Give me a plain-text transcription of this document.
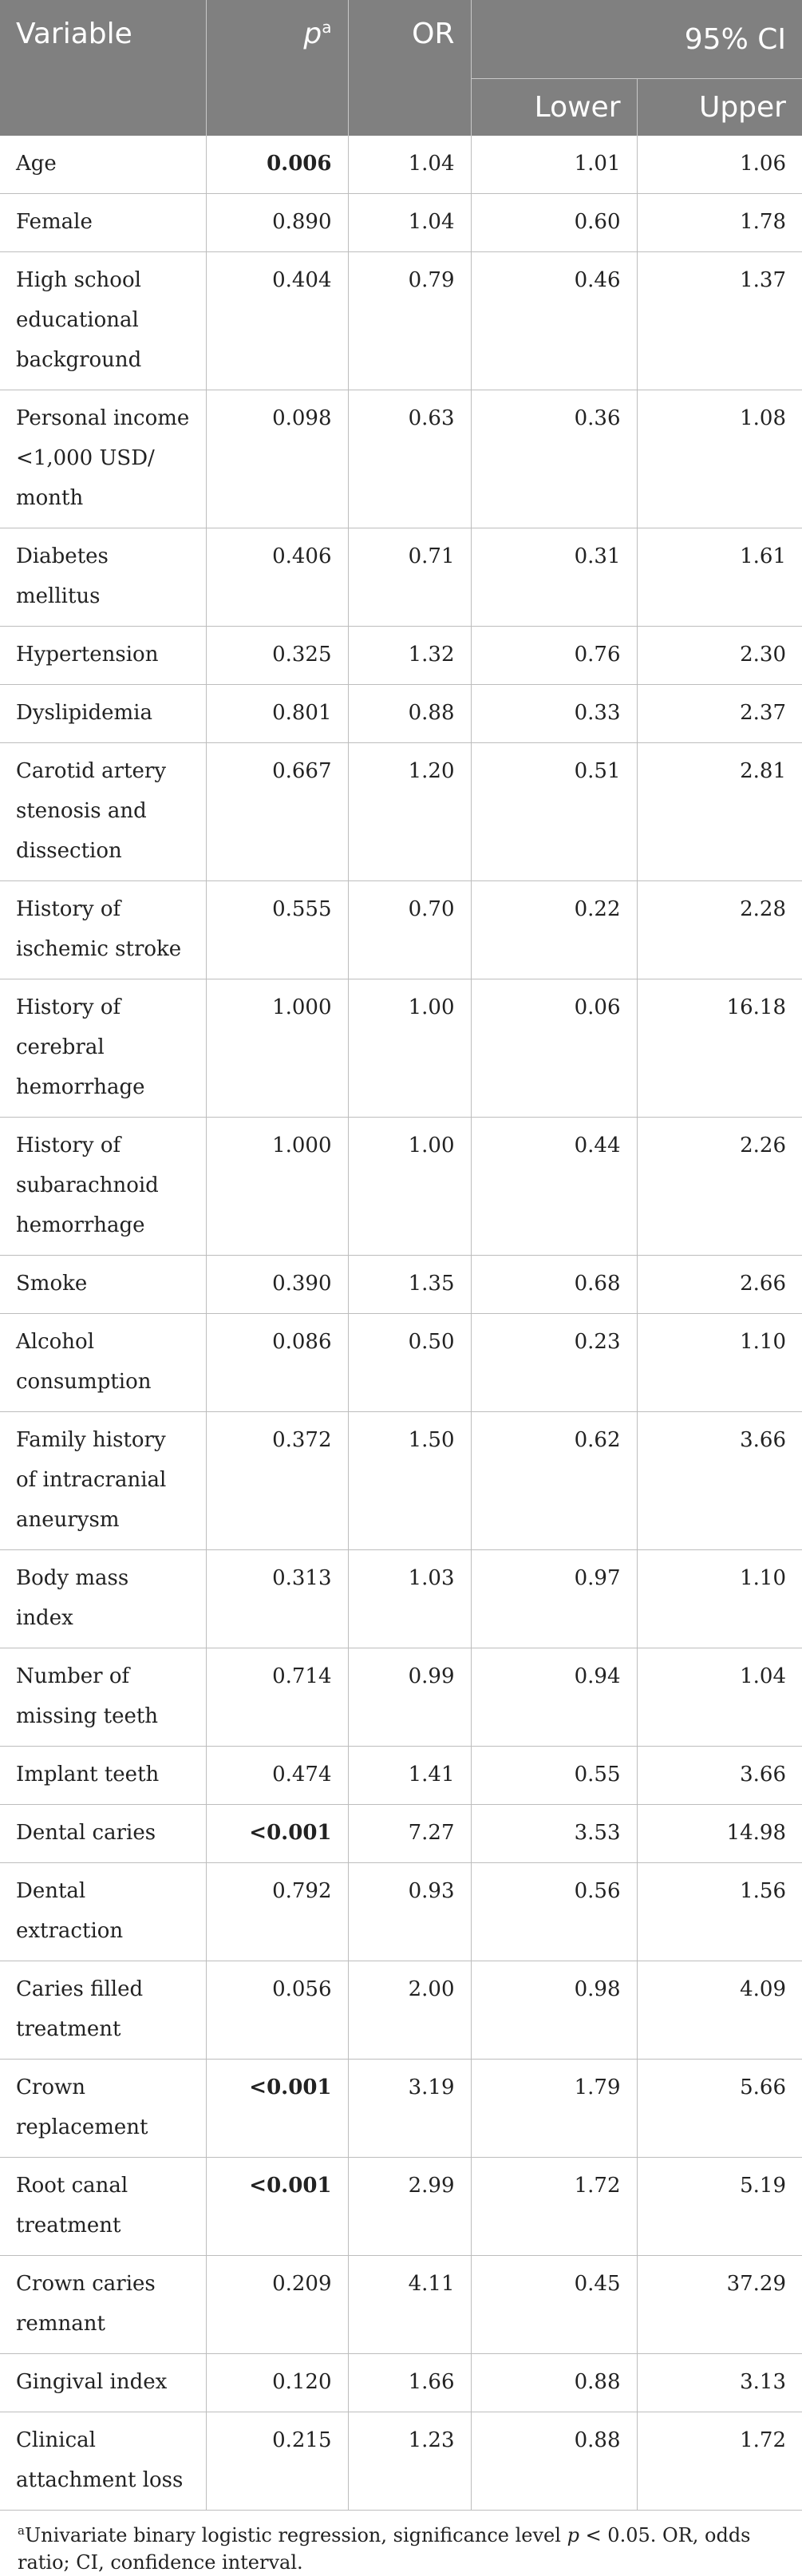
Variable	$p^a$	OR	95% CI	
			Lower	Upper
Age	0.006	1.04	1.01	1.06
Female	0.890	1.04	0.60	1.78
High school educational background	0.404	0.79	0.46	1.37
Personal income <1,000 USD/ month	0.098	0.63	0.36	1.08
Diabetes mellitus	0.406	0.71	0.31	1.61
Hypertension	0.325	1.32	0.76	2.30
Dyslipidemia	0.801	0.88	0.33	2.37
Carotid artery stenosis and dissection	0.667	1.20	0.51	2.81
History of ischemic stroke	0.555	0.70	0.22	2.28
History of cerebral hemorrhage	1.000	1.00	0.06	16.18
History of subarachnoid hemorrhage	1.000	1.00	0.44	2.26
Smoke	0.390	1.35	0.68	2.66
Alcohol consumption	0.086	0.50	0.23	1.10
Family history of intracranial aneurysm	0.372	1.50	0.62	3.66
Body mass index	0.313	1.03	0.97	1.10
Number of missing teeth	0.714	0.99	0.94	1.04
Implant teeth	0.474	1.41	0.55	3.66
Dental caries	<0.001	7.27	3.53	14.98
Dental extraction	0.792	0.93	0.56	1.56
Caries filled treatment	0.056	2.00	0.98	4.09
Crown replacement	<0.001	3.19	1.79	5.66
Root canal treatment	<0.001	2.99	1.72	5.19
Crown caries remnant	0.209	4.11	0.45	37.29
Gingival index	0.120	1.66	0.88	3.13
Clinical attachment loss	0.215	1.23	0.88	1.72
$^a$Univariate binary logistic regression, significance level p < 0.05. OR, odds ratio; CI, confidence interval.
